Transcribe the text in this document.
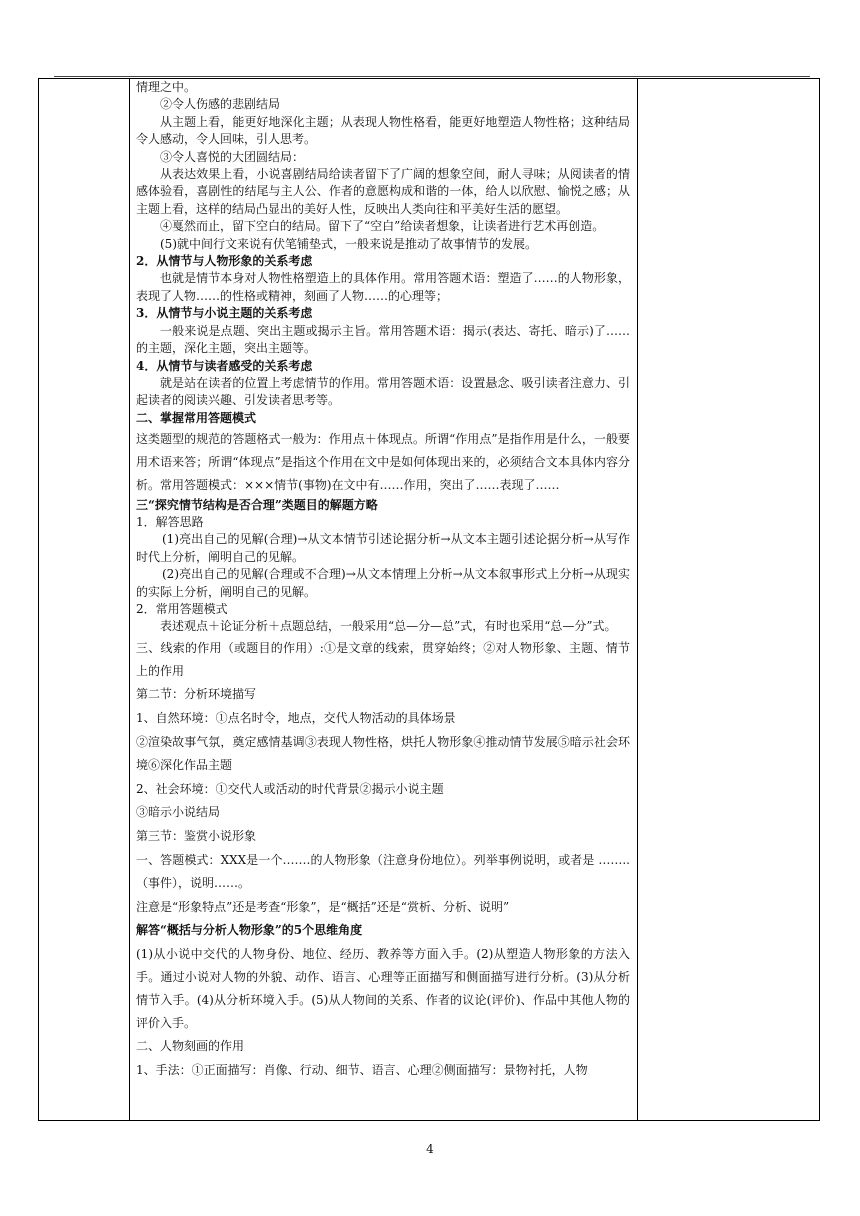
情理之中。

②令人伤感的悲剧结局

从主题上看，能更好地深化主题；从表现人物性格看，能更好地塑造人物性格；这种结局令人感动，令人回味，引人思考。

③令人喜悦的大团圆结局：

从表达效果上看，小说喜剧结局给读者留下了广阔的想象空间，耐人寻味；从阅读者的情感体验看，喜剧性的结尾与主人公、作者的意愿构成和谐的一体，给人以欣慰、愉悦之感；从主题上看，这样的结局凸显出的美好人性，反映出人类向往和平美好生活的愿望。

④戛然而止，留下空白的结局。留下了“空白”给读者想象，让读者进行艺术再创造。

(5)就中间行文来说有伏笔铺垫式，一般来说是推动了故事情节的发展。

2．从情节与人物形象的关系考虑

也就是情节本身对人物性格塑造上的具体作用。常用答题术语：塑造了……的人物形象，表现了人物……的性格或精神，刻画了人物……的心理等；

3．从情节与小说主题的关系考虑

一般来说是点题、突出主题或揭示主旨。常用答题术语：揭示(表达、寄托、暗示)了……的主题，深化主题，突出主题等。

4．从情节与读者感受的关系考虑

就是站在读者的位置上考虑情节的作用。常用答题术语：设置悬念、吸引读者注意力、引起读者的阅读兴趣、引发读者思考等。

二、掌握常用答题模式

这类题型的规范的答题格式一般为：作用点＋体现点。所谓“作用点”是指作用是什么，一般要用术语来答；所谓“体现点”是指这个作用在文中是如何体现出来的，必须结合文本具体内容分析。常用答题模式：×××情节(事物)在文中有……作用，突出了……表现了……

三“探究情节结构是否合理”类题目的解题方略

1．解答思路

(1)亮出自己的见解(合理)→从文本情节引述论据分析→从文本主题引述论据分析→从写作时代上分析，阐明自己的见解。

(2)亮出自己的见解(合理或不合理)→从文本情理上分析→从文本叙事形式上分析→从现实的实际上分析，阐明自己的见解。

2．常用答题模式

表述观点＋论证分析＋点题总结，一般采用“总—分—总”式，有时也采用“总—分”式。

三、线索的作用（或题目的作用）:①是文章的线索，贯穿始终；②对人物形象、主题、情节上的作用

第二节：分析环境描写

1、自然环境：①点名时令，地点，交代人物活动的具体场景

②渲染故事气氛，奠定感情基调③表现人物性格，烘托人物形象④推动情节发展⑤暗示社会环境⑥深化作品主题

2、社会环境：①交代人或活动的时代背景②揭示小说主题

③暗示小说结局

第三节：鉴赏小说形象

一、答题模式：XXX是一个…….的人物形象（注意身份地位）。列举事例说明，或者是 ……..（事件），说明……。

注意是“形象特点”还是考查“形象”，是“概括”还是“赏析、分析、说明”

解答“概括与分析人物形象”的5个思维角度

(1)从小说中交代的人物身份、地位、经历、教养等方面入手。(2)从塑造人物形象的方法入手。通过小说对人物的外貌、动作、语言、心理等正面描写和侧面描写进行分析。(3)从分析情节入手。(4)从分析环境入手。(5)从人物间的关系、作者的议论(评价)、作品中其他人物的评价入手。

二、人物刻画的作用

1、手法：①正面描写：肖像、行动、细节、语言、心理②侧面描写：景物衬托，人物

4
